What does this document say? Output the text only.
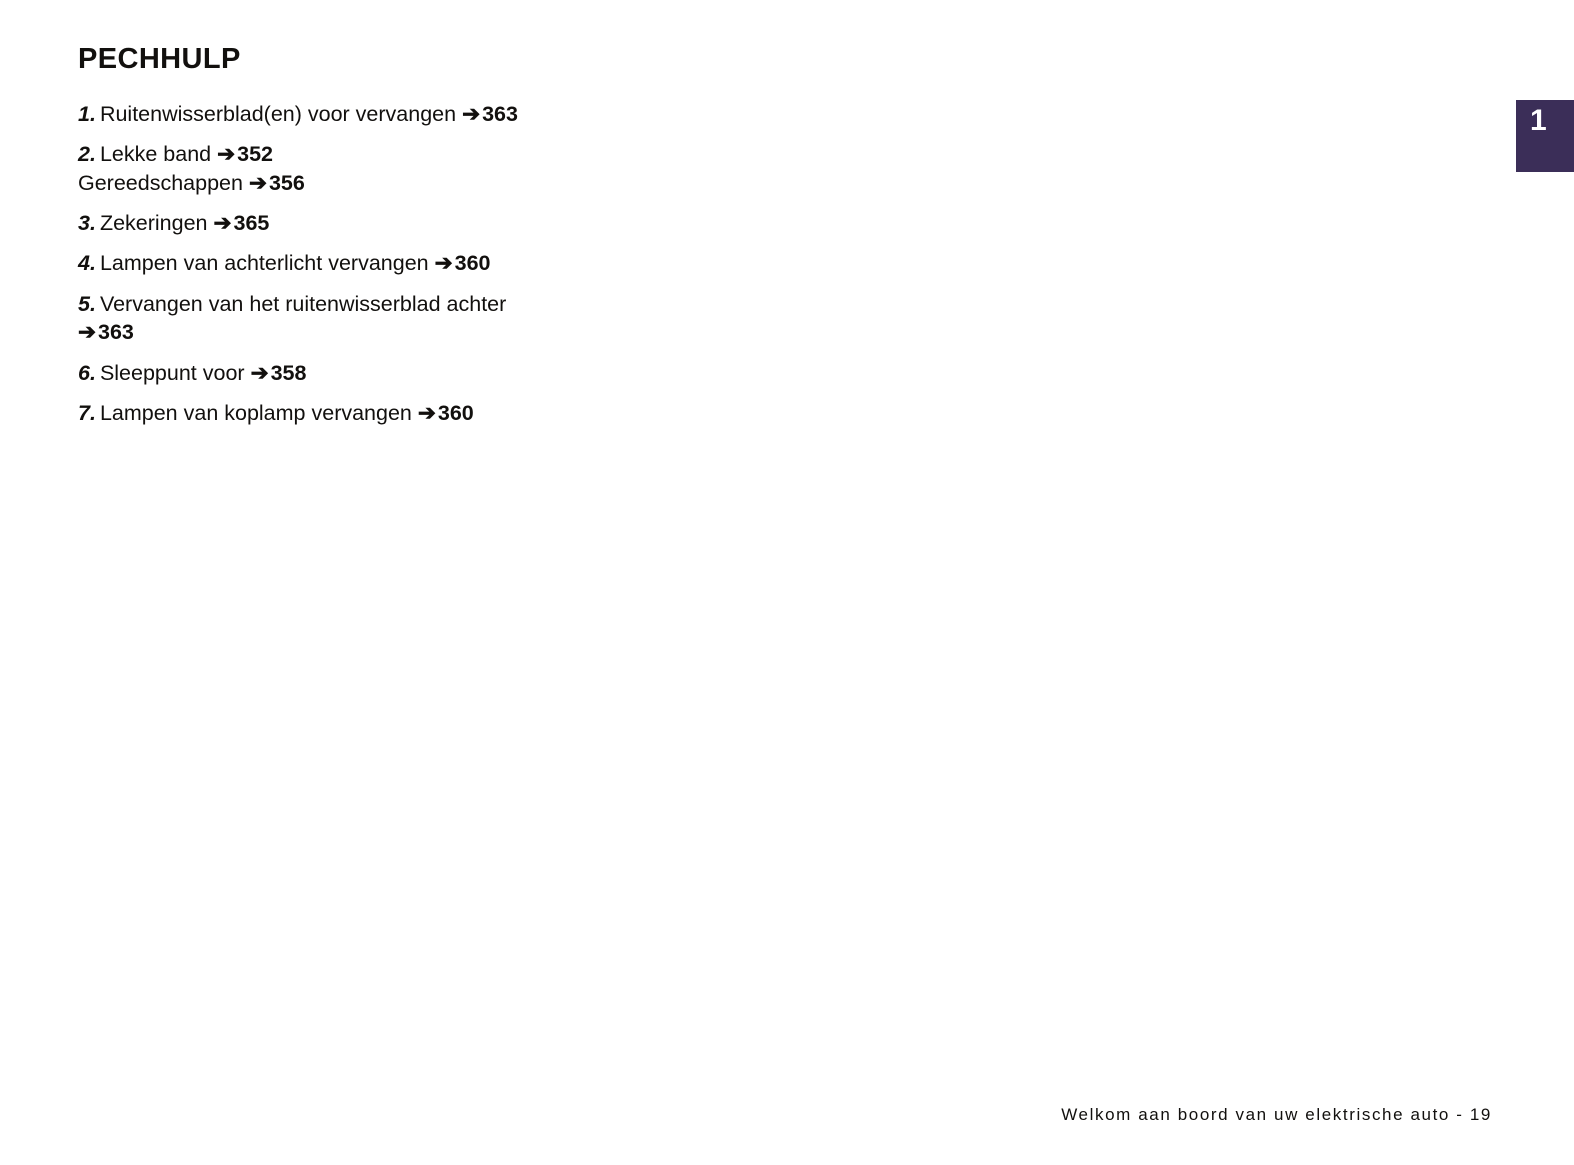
1
PECHHULP
1. Ruitenwisserblad(en) voor vervangen ➔363
2. Lekke band ➔352
Gereedschappen ➔356
3. Zekeringen ➔365
4. Lampen van achterlicht vervangen ➔360
5. Vervangen van het ruitenwisserblad achter ➔363
6. Sleeppunt voor ➔358
7. Lampen van koplamp vervangen ➔360
Welkom aan boord van uw elektrische auto - 19
